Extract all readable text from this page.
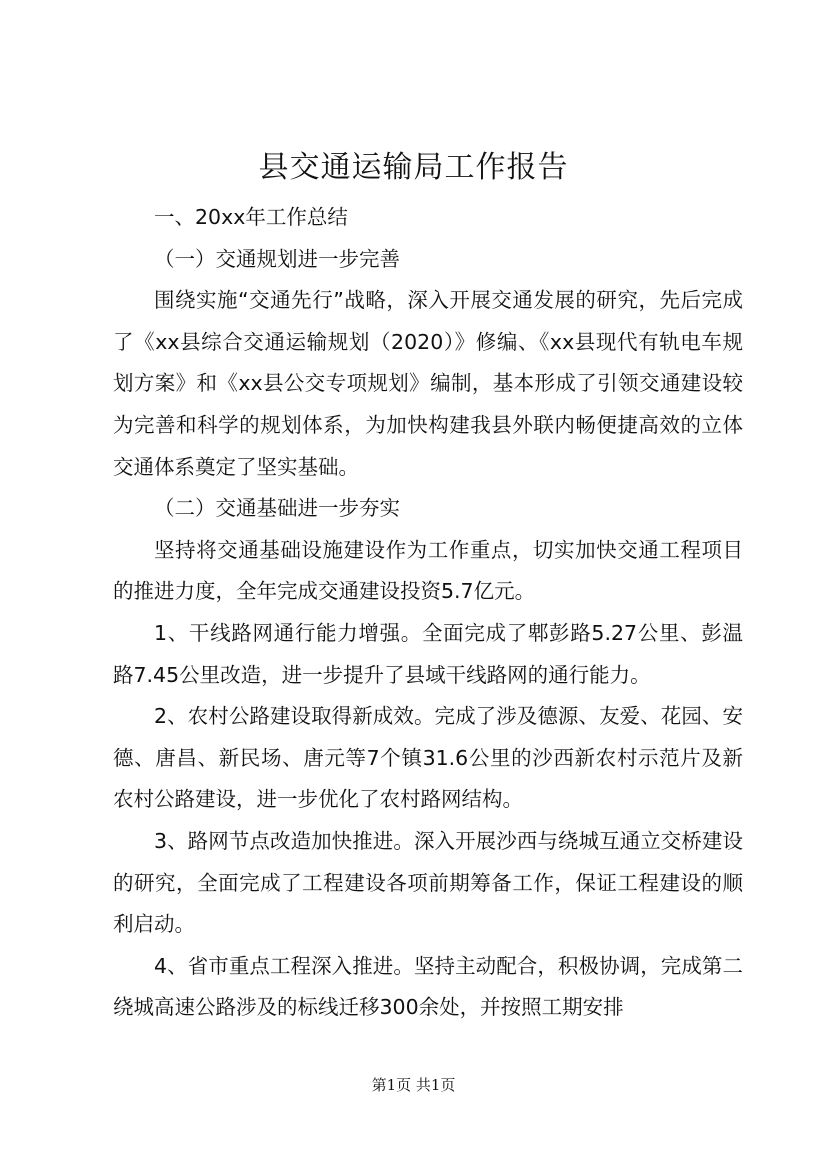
县交通运输局工作报告

一、20xx年工作总结

（一）交通规划进一步完善

围绕实施“交通先行”战略，深入开展交通发展的研究，先后完成了《xx县综合交通运输规划（2020）》修编、《xx县现代有轨电车规划方案》和《xx县公交专项规划》编制，基本形成了引领交通建设较为完善和科学的规划体系，为加快构建我县外联内畅便捷高效的立体交通体系奠定了坚实基础。

（二）交通基础进一步夯实

坚持将交通基础设施建设作为工作重点，切实加快交通工程项目的推进力度，全年完成交通建设投资5.7亿元。

1、干线路网通行能力增强。全面完成了郫彭路5.27公里、彭温路7.45公里改造，进一步提升了县域干线路网的通行能力。

2、农村公路建设取得新成效。完成了涉及德源、友爱、花园、安德、唐昌、新民场、唐元等7个镇31.6公里的沙西新农村示范片及新农村公路建设，进一步优化了农村路网结构。

3、路网节点改造加快推进。深入开展沙西与绕城互通立交桥建设的研究，全面完成了工程建设各项前期筹备工作，保证工程建设的顺利启动。

4、省市重点工程深入推进。坚持主动配合，积极协调，完成第二绕城高速公路涉及的标线迁移300余处，并按照工期安排

第1页 共1页
